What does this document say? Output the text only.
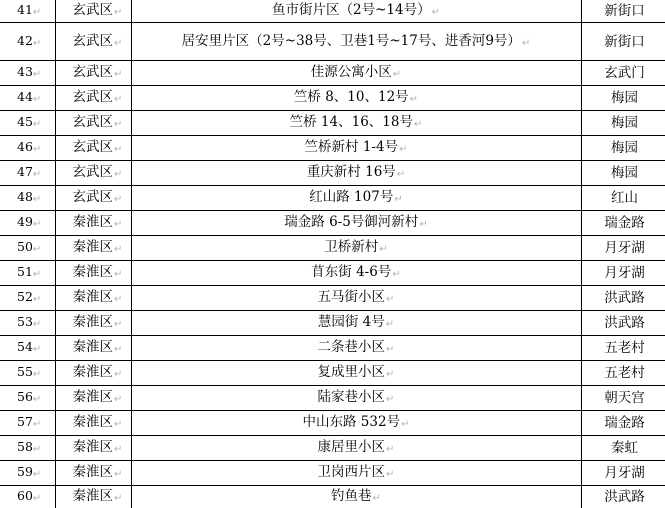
41↵	玄武区↵	鱼市街片区（2号~14号）↵	新街口
42↵	玄武区↵	居安里片区（2号~38号、卫巷1号~17号、进香河9号）↵	新街口
43↵	玄武区↵	佳源公寓小区↵	玄武门
44↵	玄武区↵	竺桥 8、10、12号↵	梅园
45↵	玄武区↵	竺桥 14、16、18号↵	梅园
46↵	玄武区↵	竺桥新村 1-4号↵	梅园
47↵	玄武区↵	重庆新村 16号↵	梅园
48↵	玄武区↵	红山路 107号↵	红山
49↵	秦淮区↵	瑞金路 6-5号御河新村↵	瑞金路
50↵	秦淮区↵	卫桥新村↵	月牙湖
51↵	秦淮区↵	苜东街 4-6号↵	月牙湖
52↵	秦淮区↵	五马街小区↵	洪武路
53↵	秦淮区↵	慧园街 4号↵	洪武路
54↵	秦淮区↵	二条巷小区↵	五老村
55↵	秦淮区↵	复成里小区↵	五老村
56↵	秦淮区↵	陆家巷小区↵	朝天宫
57↵	秦淮区↵	中山东路 532号↵	瑞金路
58↵	秦淮区↵	康居里小区↵	秦虹
59↵	秦淮区↵	卫岗西片区↵	月牙湖
60↵	秦淮区↵	钓鱼巷↵	洪武路
